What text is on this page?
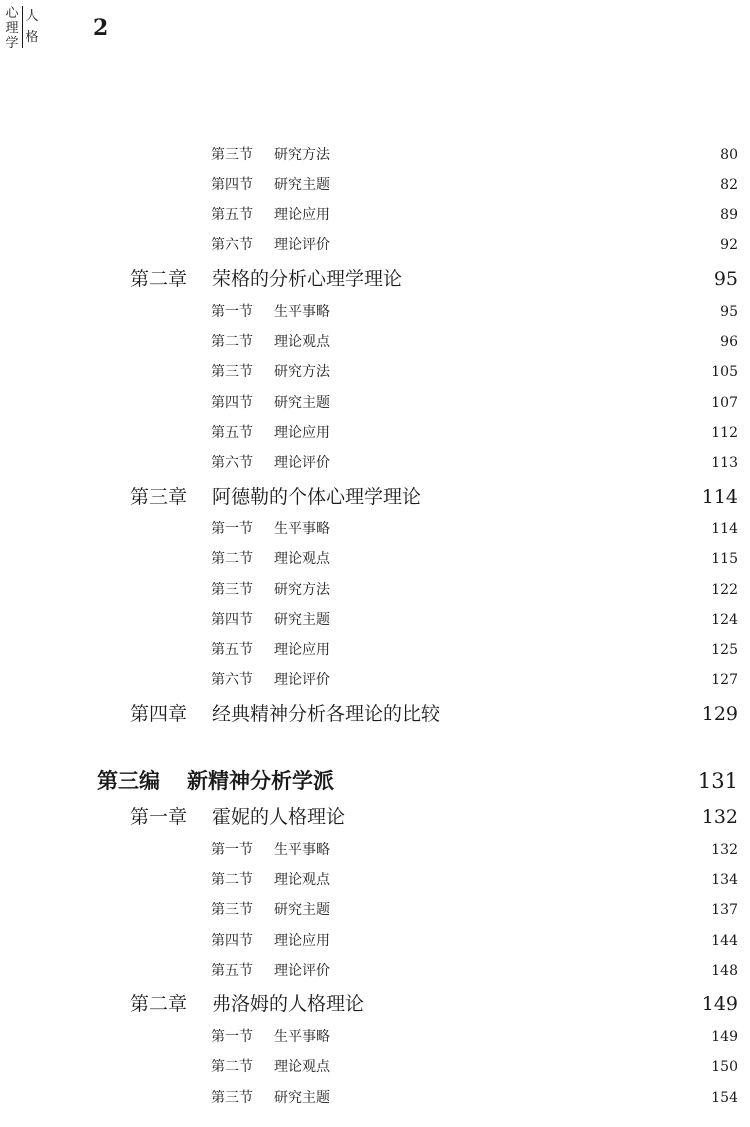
心
理
学
人
格 2
第三节 研究方法	80
第四节 研究主题	82
第五节 理论应用	89
第六节 理论评价	92
第二章 荣格的分析心理学理论	95
第一节 生平事略	95
第二节 理论观点	96
第三节 研究方法	105
第四节 研究主题	107
第五节 理论应用	112
第六节 理论评价	113
第三章 阿德勒的个体心理学理论	114
第一节 生平事略	114
第二节 理论观点	115
第三节 研究方法	122
第四节 研究主题	124
第五节 理论应用	125
第六节 理论评价	127
第四章 经典精神分析各理论的比较	129
第三编 新精神分析学派	131
第一章 霍妮的人格理论	132
第一节 生平事略	132
第二节 理论观点	134
第三节 研究主题	137
第四节 理论应用	144
第五节 理论评价	148
第二章 弗洛姆的人格理论	149
第一节 生平事略	149
第二节 理论观点	150
第三节 研究主题	154
